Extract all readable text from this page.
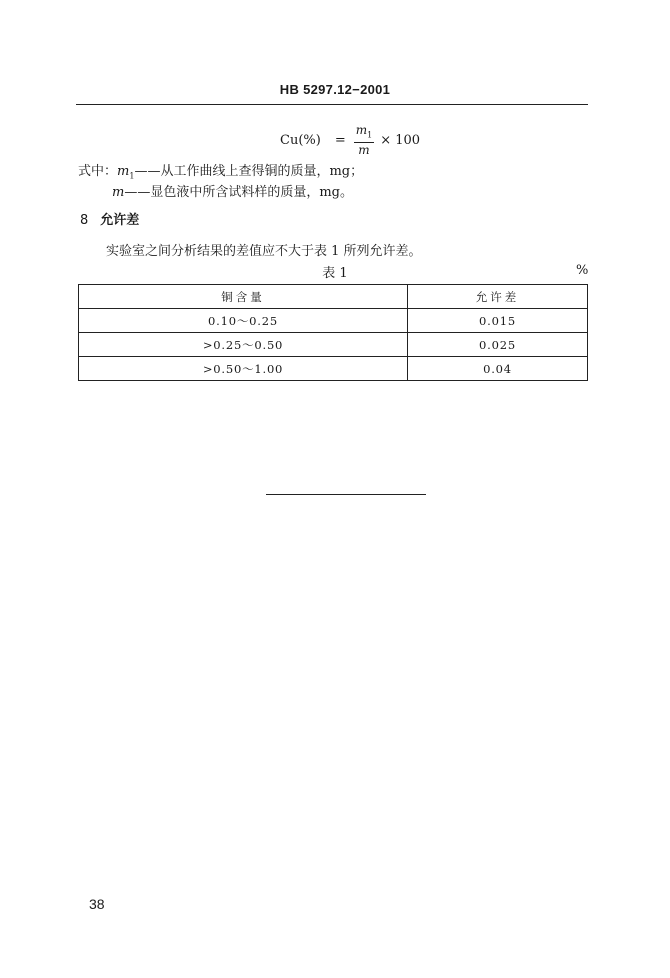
HB 5297.12−2001
$Cu(\%) = \frac{m_1}{m} \times 100$
式中：$m_1——$从工作曲线上查得铜的质量，mg；
m——显色液中所含试料样的质量，mg。
8 允许差
实验室之间分析结果的差值应不大于表 1 所列允许差。
表 1	%
铜含量	允许差
0.10～0.25	0.015
>0.25～0.50	0.025
>0.50～1.00	0.04
38
